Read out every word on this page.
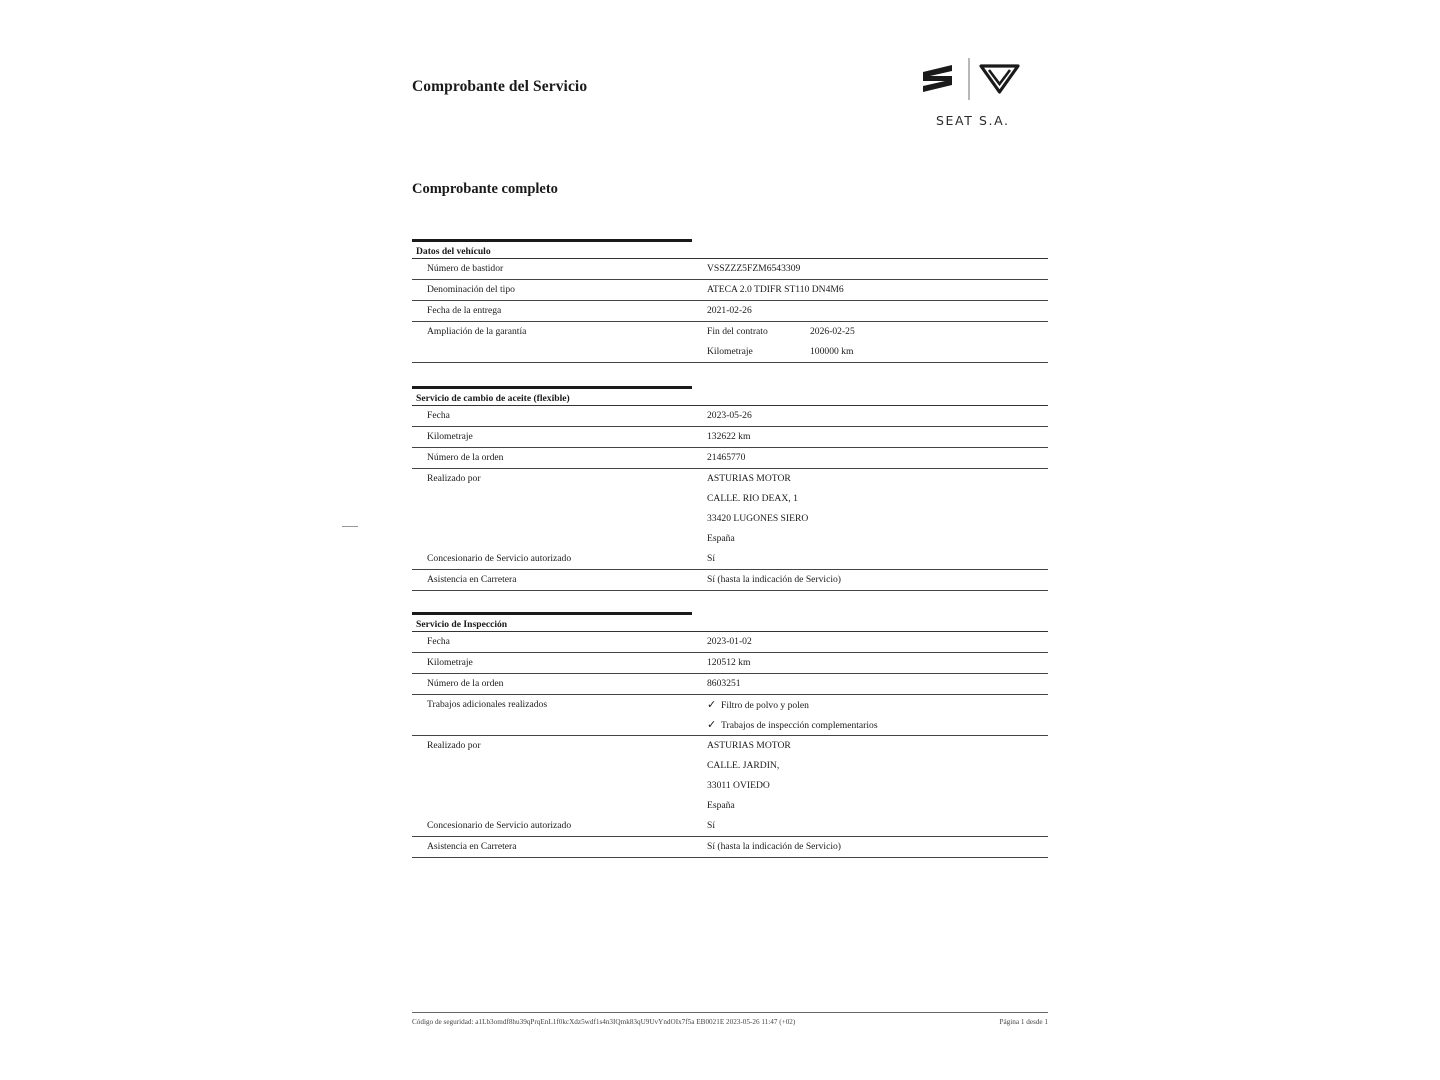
Comprobante del Servicio
SEAT S.A.
Comprobante completo
Datos del vehículo
Número de bastidor	VSSZZZ5FZM6543309
Denominación del tipo	ATECA 2.0 TDIFR ST110 DN4M6
Fecha de la entrega	2021-02-26
Ampliación de la garantía	Fin del contrato	2026-02-25
Kilometraje	100000 km
Servicio de cambio de aceite (flexible)
Fecha	2023-05-26
Kilometraje	132622 km
Número de la orden	21465770
Realizado por	ASTURIAS MOTOR
CALLE. RIO DEAX, 1
33420 LUGONES SIERO
España
Concesionario de Servicio autorizado	Sí
Asistencia en Carretera	Sí (hasta la indicación de Servicio)
Servicio de Inspección
Fecha	2023-01-02
Kilometraje	120512 km
Número de la orden	8603251
Trabajos adicionales realizados	✓ Filtro de polvo y polen
✓ Trabajos de inspección complementarios
Realizado por	ASTURIAS MOTOR
CALLE. JARDIN,
33011 OVIEDO
España
Concesionario de Servicio autorizado	Sí
Asistencia en Carretera	Sí (hasta la indicación de Servicio)
Código de seguridad: a1Lb3omdf8hu39qPrqEnL1f0kcXdz5wdf1s4n3IQmk83qU9UvYndOIx7f5a EB0021E 2023-05-26 11:47 (+02)	Página 1 desde 1
